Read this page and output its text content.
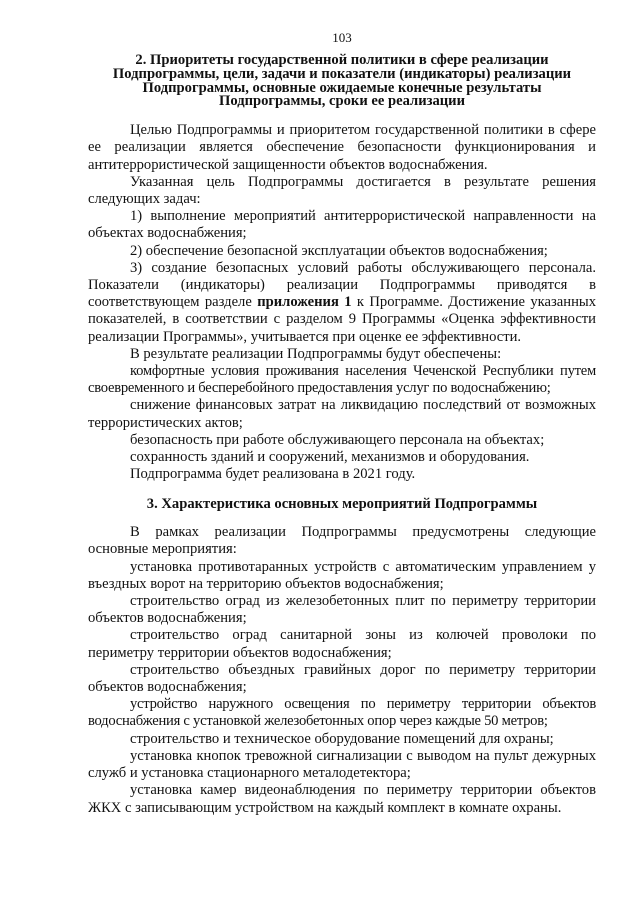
103
2. Приоритеты государственной политики в сфере реализации
Подпрограммы, цели, задачи и показатели (индикаторы) реализации
Подпрограммы, основные ожидаемые конечные результаты
Подпрограммы, сроки ее реализации

Целью Подпрограммы и приоритетом государственной политики в сфере ее реализации является обеспечение безопасности функционирования и антитеррористической защищенности объектов водоснабжения.

Указанная цель Подпрограммы достигается в результате решения следующих задач:

1) выполнение мероприятий антитеррористической направленности на объектах водоснабжения;

2) обеспечение безопасной эксплуатации объектов водоснабжения;

3) создание безопасных условий работы обслуживающего персонала. Показатели (индикаторы) реализации Подпрограммы приводятся в соответствующем разделе приложения 1 к Программе. Достижение указанных показателей, в соответствии с разделом 9 Программы «Оценка эффективности реализации Программы», учитывается при оценке ее эффективности.

В результате реализации Подпрограммы будут обеспечены:

комфортные условия проживания населения Чеченской Республики путем своевременного и бесперебойного предоставления услуг по водоснабжению;

снижение финансовых затрат на ликвидацию последствий от возможных террористических актов;

безопасность при работе обслуживающего персонала на объектах;

сохранность зданий и сооружений, механизмов и оборудования.

Подпрограмма будет реализована в 2021 году.

3. Характеристика основных мероприятий Подпрограммы

В рамках реализации Подпрограммы предусмотрены следующие основные мероприятия:

установка противотаранных устройств с автоматическим управлением у въездных ворот на территорию объектов водоснабжения;

строительство оград из железобетонных плит по периметру территории объектов водоснабжения;

строительство оград санитарной зоны из колючей проволоки по периметру территории объектов водоснабжения;

строительство объездных гравийных дорог по периметру территории объектов водоснабжения;

устройство наружного освещения по периметру территории объектов водоснабжения с установкой железобетонных опор через каждые 50 метров;

строительство и техническое оборудование помещений для охраны;

установка кнопок тревожной сигнализации с выводом на пульт дежурных служб и установка стационарного металодетектора;

установка камер видеонаблюдения по периметру территории объектов ЖКХ с записывающим устройством на каждый комплект в комнате охраны.
